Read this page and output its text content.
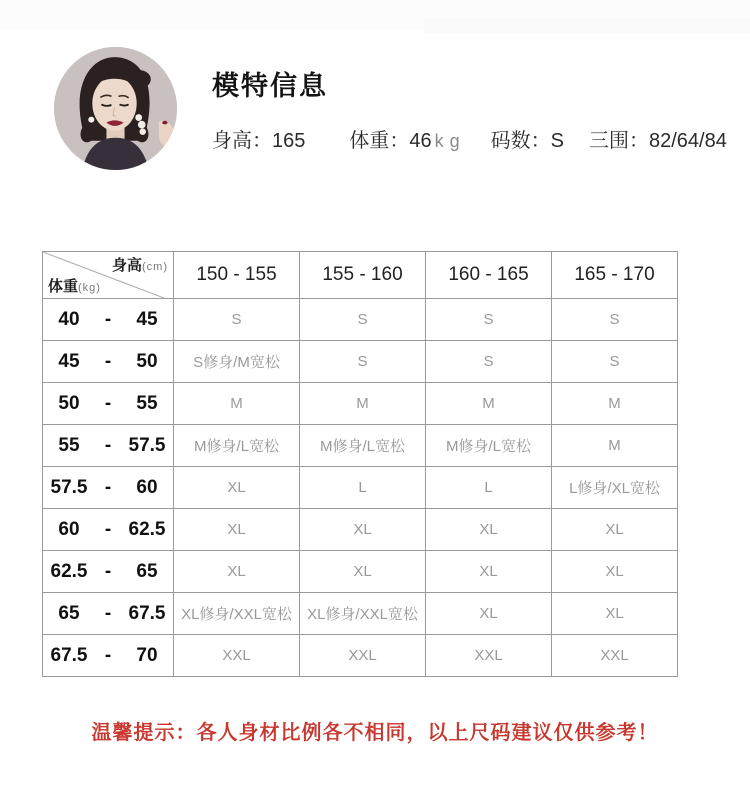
模特信息
身高： 165 体重： 46 kg 码数： S 三围： 82/64/84
身高(cm)
体重(kg)	150 - 155	155 - 160	160 - 165	165 - 170

40 - 45	S	S	S	S

45 - 50	S修身/M宽松	S	S	S

50 - 55	M	M	M	M

55 - 57.5	M修身/L宽松	M修身/L宽松	M修身/L宽松	M

57.5 - 60	XL	L	L	L修身/XL宽松

60 - 62.5	XL	XL	XL	XL

62.5 - 65	XL	XL	XL	XL

65 - 67.5	XL修身/XXL宽松	XL修身/XXL宽松	XL	XL

67.5 - 70	XXL	XXL	XXL	XXL
温馨提示：各人身材比例各不相同，以上尺码建议仅供参考！
